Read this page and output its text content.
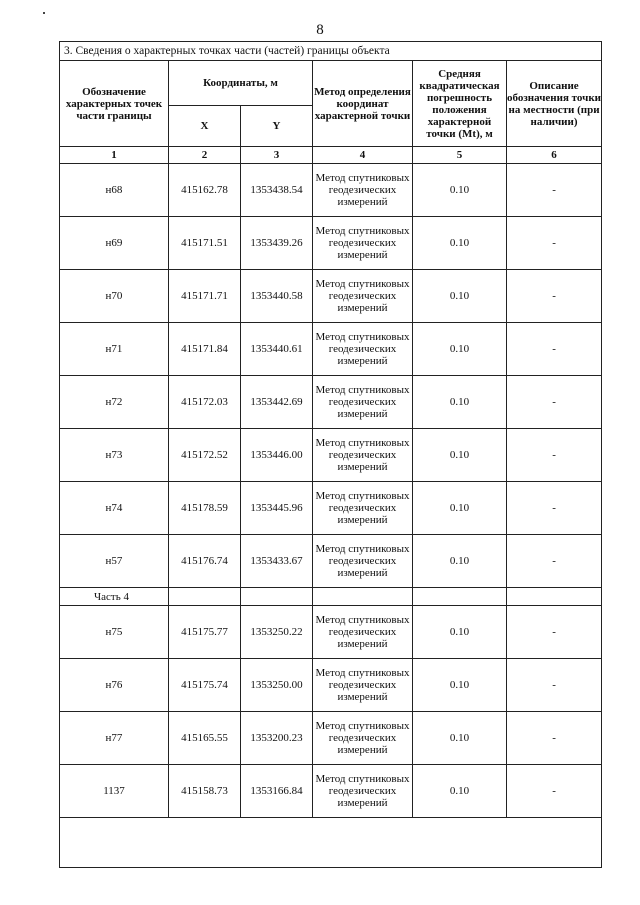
8
3. Сведения о характерных точках части (частей) границы объекта					
Обозначение характерных точек части границы	Координаты, м		Метод определения координат характерной точки	Средняя квадратическая погрешность положения характерной точки (Mt), м	Описание обозначения точки на местности (при наличии)
	X	Y			
1	2	3	4	5	6
н68	415162.78	1353438.54	Метод спутниковых геодезических измерений	0.10	-
н69	415171.51	1353439.26	Метод спутниковых геодезических измерений	0.10	-
н70	415171.71	1353440.58	Метод спутниковых геодезических измерений	0.10	-
н71	415171.84	1353440.61	Метод спутниковых геодезических измерений	0.10	-
н72	415172.03	1353442.69	Метод спутниковых геодезических измерений	0.10	-
н73	415172.52	1353446.00	Метод спутниковых геодезических измерений	0.10	-
н74	415178.59	1353445.96	Метод спутниковых геодезических измерений	0.10	-
н57	415176.74	1353433.67	Метод спутниковых геодезических измерений	0.10	-
Часть 4					
н75	415175.77	1353250.22	Метод спутниковых геодезических измерений	0.10	-
н76	415175.74	1353250.00	Метод спутниковых геодезических измерений	0.10	-
н77	415165.55	1353200.23	Метод спутниковых геодезических измерений	0.10	-
1137	415158.73	1353166.84	Метод спутниковых геодезических измерений	0.10	-
